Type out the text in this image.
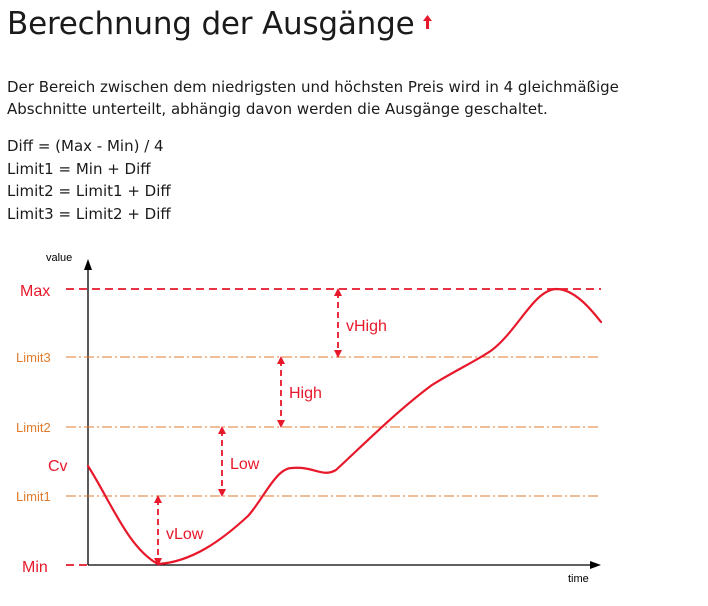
Berechnung der Ausgänge

Der Bereich zwischen dem niedrigsten und höchsten Preis wird in 4 gleichmäßige Abschnitte unterteilt, abhängig davon werden die Ausgänge geschaltet.

Diff = (Max - Min) / 4
Limit1 = Min + Diff
Limit2 = Limit1 + Diff
Limit3 = Limit2 + Diff
value
time
Max
Limit3
Limit2
Cv
Limit1
Min
vHigh
High
Low
vLow
